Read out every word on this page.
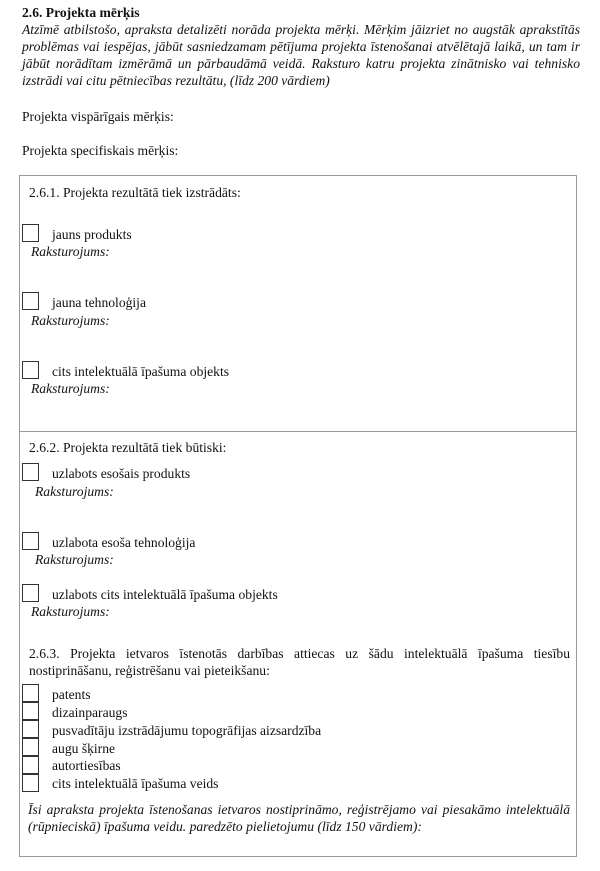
2.6. Projekta mērķis

Atzīmē atbilstošo, apraksta detalizēti norāda projekta mērķi. Mērķim jāizriet no augstāk aprakstītās problēmas vai iespējas, jābūt sasniedzamam pētījuma projekta īstenošanai atvēlētajā laikā, un tam ir jābūt norādītam izmērāmā un pārbaudāmā veidā. Raksturo katru projekta zinātnisko vai tehnisko izstrādi vai citu pētniecības rezultātu, (līdz 200 vārdiem)

Projekta vispārīgais mērķis:

Projekta specifiskais mērķis:

2.6.1. Projekta rezultātā tiek izstrādāts:

jauns produkts

Raksturojums:

jauna tehnoloģija

Raksturojums:

cits intelektuālā īpašuma objekts

Raksturojums:

2.6.2. Projekta rezultātā tiek būtiski:

uzlabots esošais produkts

Raksturojums:

uzlabota esoša tehnoloģija

Raksturojums:

uzlabots cits intelektuālā īpašuma objekts

Raksturojums:

2.6.3. Projekta ietvaros īstenotās darbības attiecas uz šādu intelektuālā īpašuma tiesību nostiprināšanu, reģistrēšanu vai pieteikšanu:

patents

dizainparaugs

pusvadītāju izstrādājumu topogrāfijas aizsardzība

augu šķirne

autortiesības

cits intelektuālā īpašuma veids

Īsi apraksta projekta īstenošanas ietvaros nostiprināmo, reģistrējamo vai piesakāmo intelektuālā (rūpnieciskā) īpašuma veidu. paredzēto pielietojumu (līdz 150 vārdiem):
